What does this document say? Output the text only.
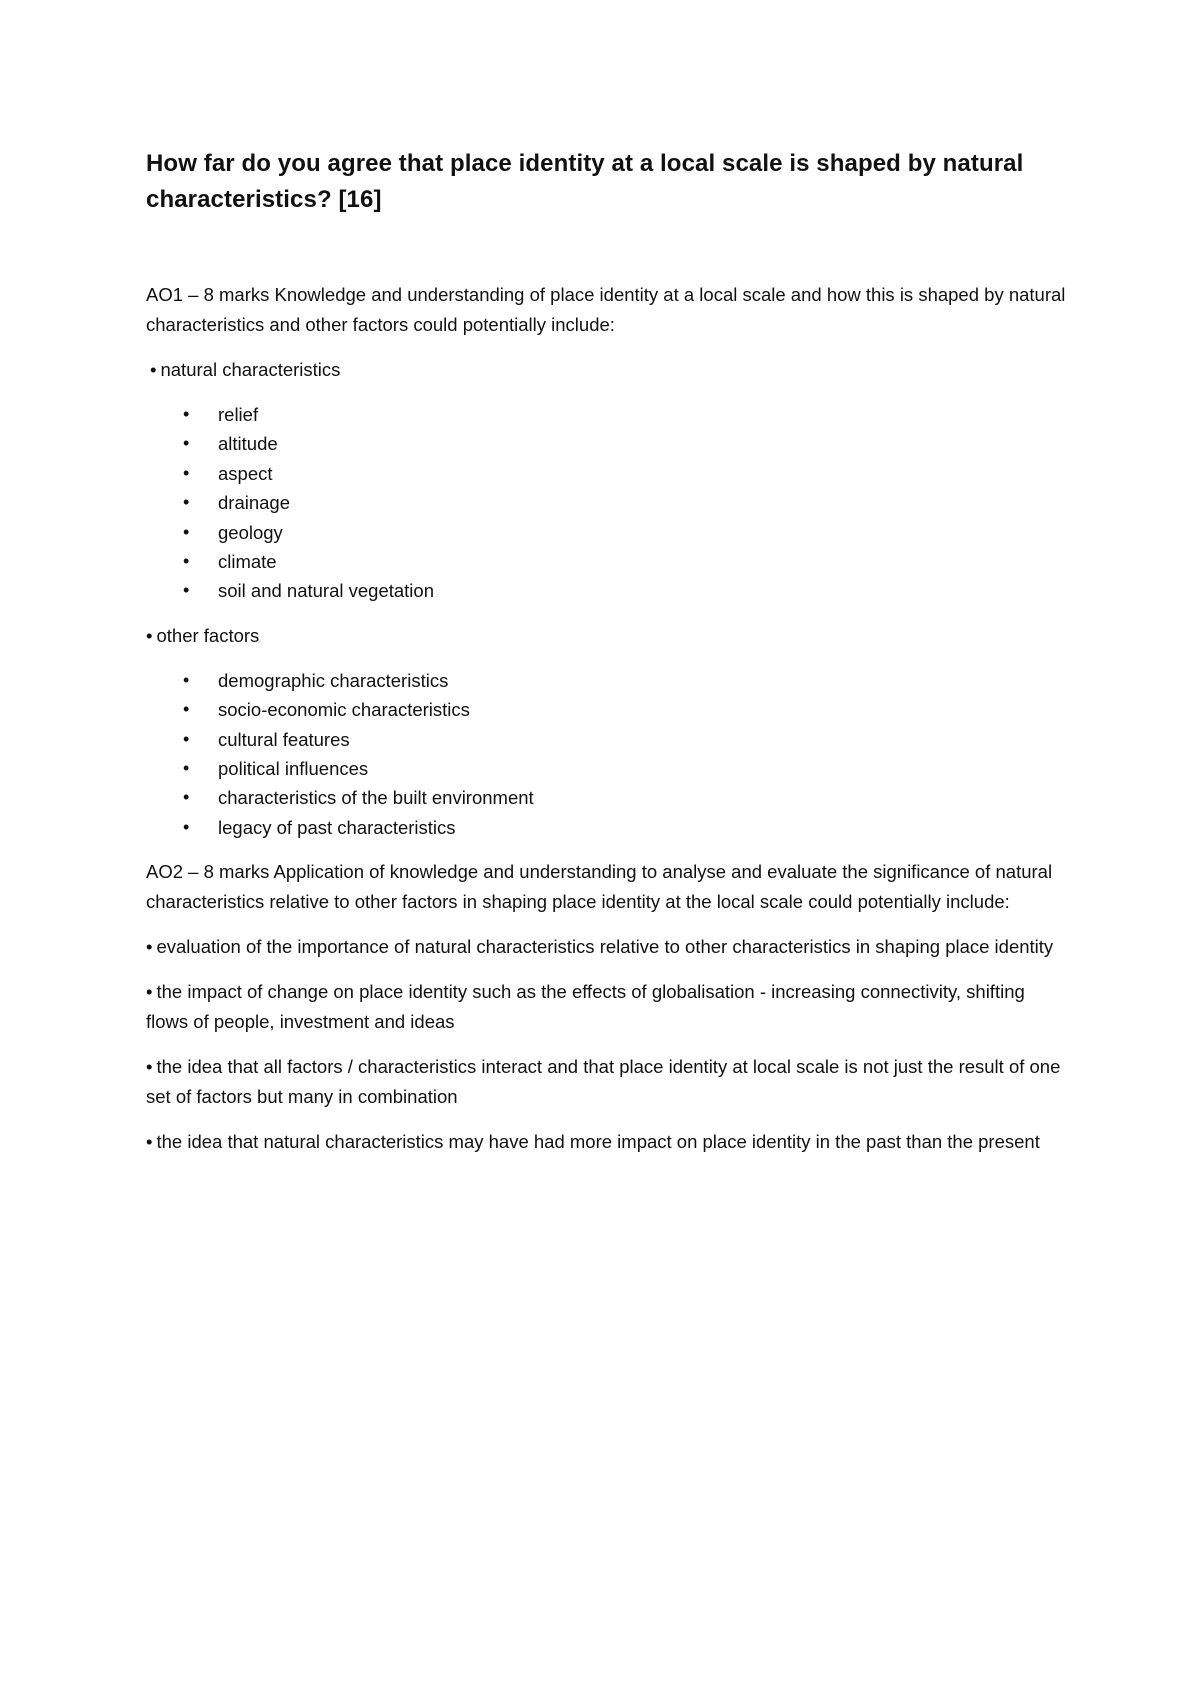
How far do you agree that place identity at a local scale is shaped by natural characteristics? [16]

AO1 – 8 marks Knowledge and understanding of place identity at a local scale and how this is shaped by natural characteristics and other factors could potentially include:

• natural characteristics

• relief
• altitude
• aspect
• drainage
• geology
• climate
• soil and natural vegetation

• other factors

• demographic characteristics
• socio-economic characteristics
• cultural features
• political influences
• characteristics of the built environment
• legacy of past characteristics

AO2 – 8 marks Application of knowledge and understanding to analyse and evaluate the significance of natural characteristics relative to other factors in shaping place identity at the local scale could potentially include:

• evaluation of the importance of natural characteristics relative to other characteristics in shaping place identity

• the impact of change on place identity such as the effects of globalisation - increasing connectivity, shifting flows of people, investment and ideas

• the idea that all factors / characteristics interact and that place identity at local scale is not just the result of one set of factors but many in combination

• the idea that natural characteristics may have had more impact on place identity in the past than the present
